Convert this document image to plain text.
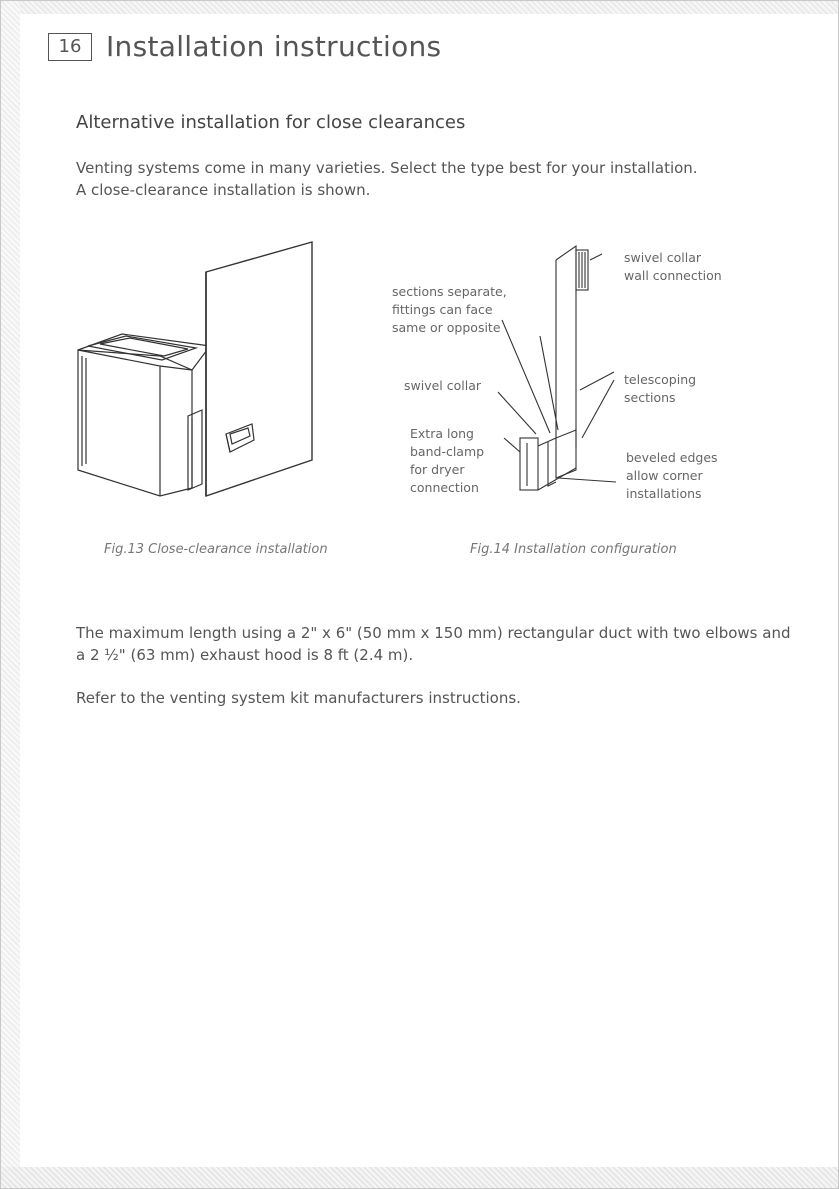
16 Installation instructions
Alternative installation for close clearances
Venting systems come in many varieties. Select the type best for your installation.
A close-clearance installation is shown.
Fig.13 Close-clearance installation
sections separate,
fittings can face
same or opposite
swivel collar
wall connection
swivel collar	telescoping
sections
Extra long
band-clamp
for dryer
connection
beveled edges
allow corner
installations
Fig.14 Installation configuration
The maximum length using a 2" x 6" (50 mm x 150 mm) rectangular duct with two elbows and a 2 ½" (63 mm) exhaust hood is 8 ft (2.4 m).
Refer to the venting system kit manufacturers instructions.
